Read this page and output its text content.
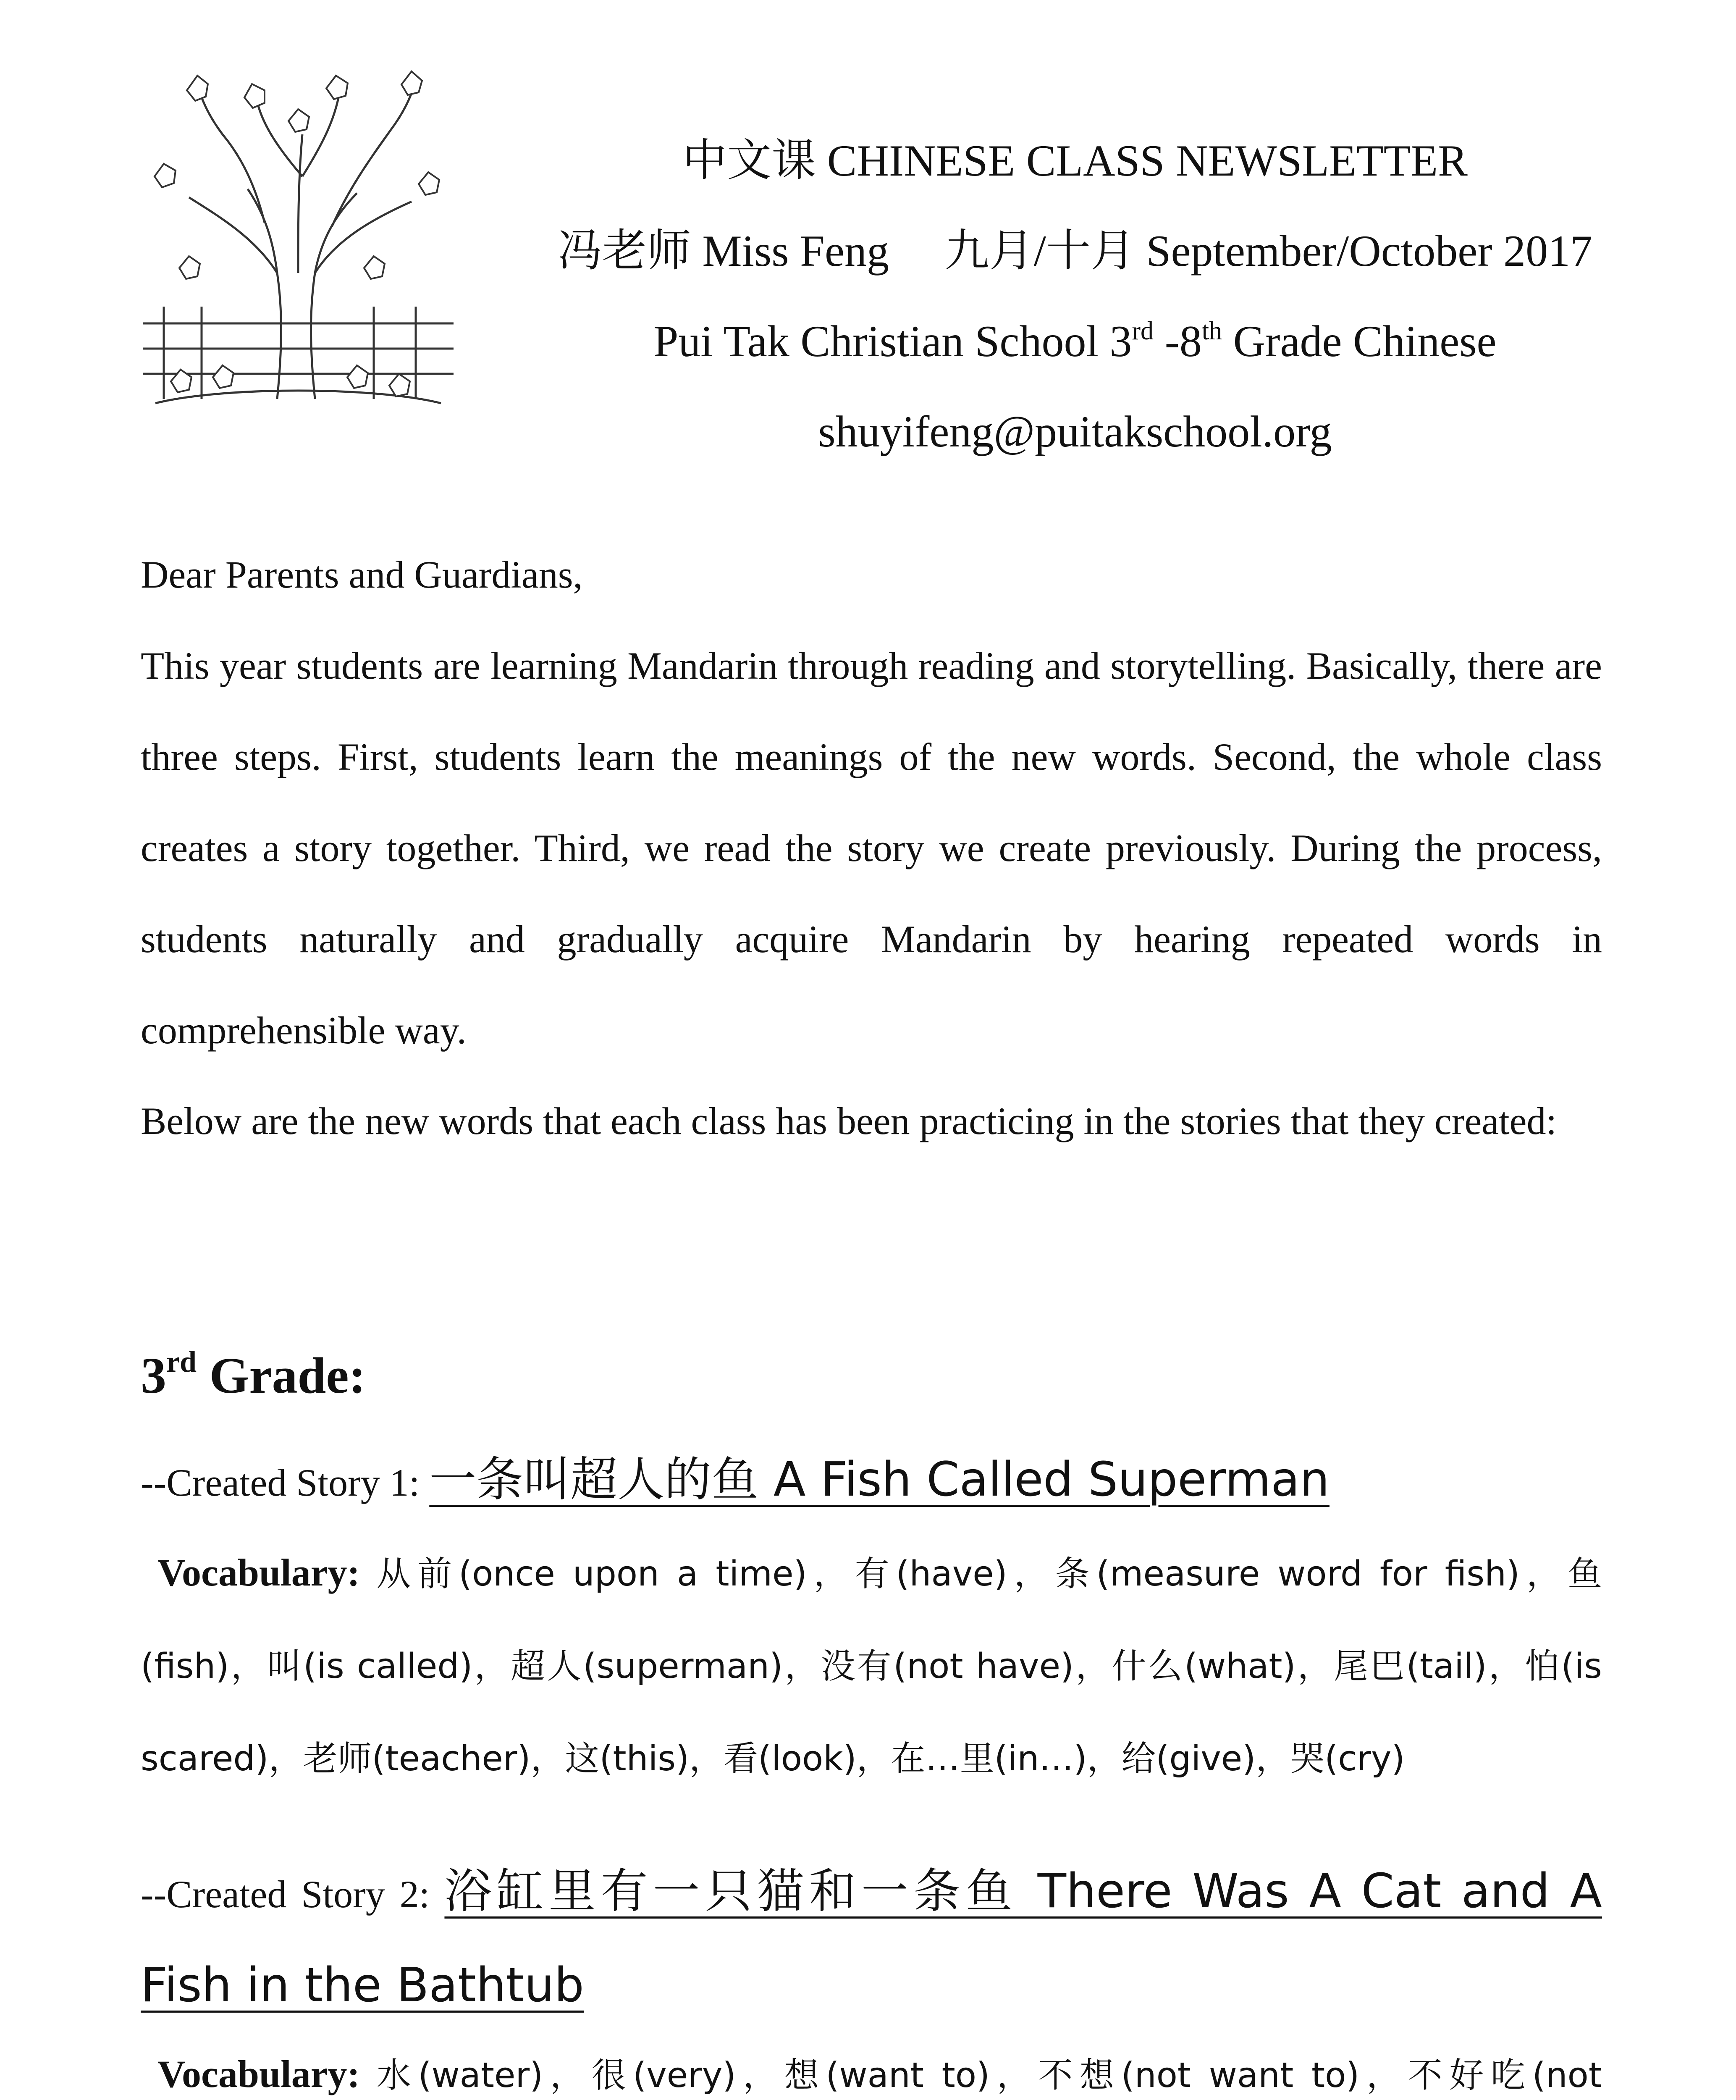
中文课 CHINESE CLASS NEWSLETTER
冯老师 Miss Feng 九月/十月 September/October 2017
Pui Tak Christian School 3rd -8th Grade Chinese
shuyifeng@puitakschool.org
Dear Parents and Guardians,
This year students are learning Mandarin through reading and storytelling. Basically, there are three steps. First, students learn the meanings of the new words. Second, the whole class creates a story together. Third, we read the story we create previously. During the process, students naturally and gradually acquire Mandarin by hearing repeated words in comprehensible way.
Below are the new words that each class has been practicing in the stories that they created:
3rd Grade:
--Created Story 1: 一条叫超人的鱼 A Fish Called Superman
Vocabulary: 从前(once upon a time)，有(have)，条(measure word for fish)，鱼(fish)，叫(is called)，超人(superman)，没有(not have)，什么(what)，尾巴(tail)，怕(is scared)，老师(teacher)，这(this)，看(look)，在…里(in…)，给(give)，哭(cry)
--Created Story 2: 浴缸里有一只猫和一条鱼 There Was A Cat and A Fish in the Bathtub
Vocabulary: 水(water)，很(very)，想(want to)，不想(not want to)，不好吃(not
